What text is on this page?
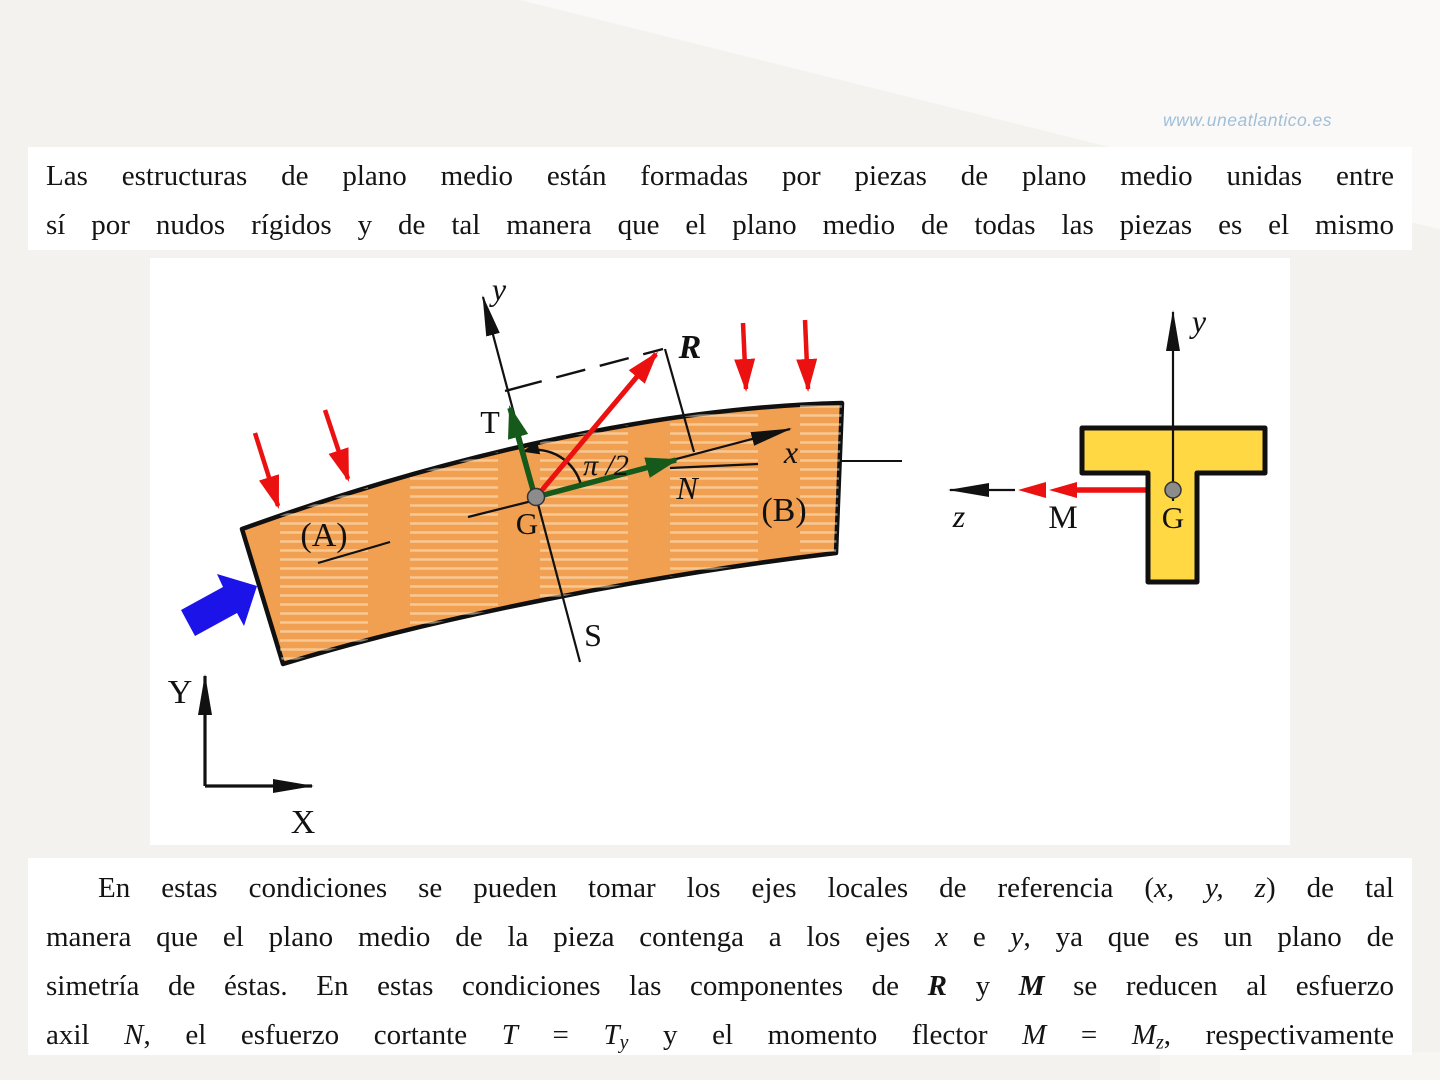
www.uneatlantico.es
Las estructuras de plano medio están formadas por piezas de plano medio unidas entre
sí por nudos rígidos y de tal manera que el plano medio de todas las piezas es el mismo
y
T
R
N
x
π /2
G
S
(A)
(B)
Y
X
z	M	G
y
En estas condiciones se pueden tomar los ejes locales de referencia (x, y, z) de tal
manera que el plano medio de la pieza contenga a los ejes x e y, ya que es un plano de
simetría de éstas. En estas condiciones las componentes de R y M se reducen al esfuerzo
axil N, el esfuerzo cortante T = Ty y el momento flector M = Mz, respectivamente
